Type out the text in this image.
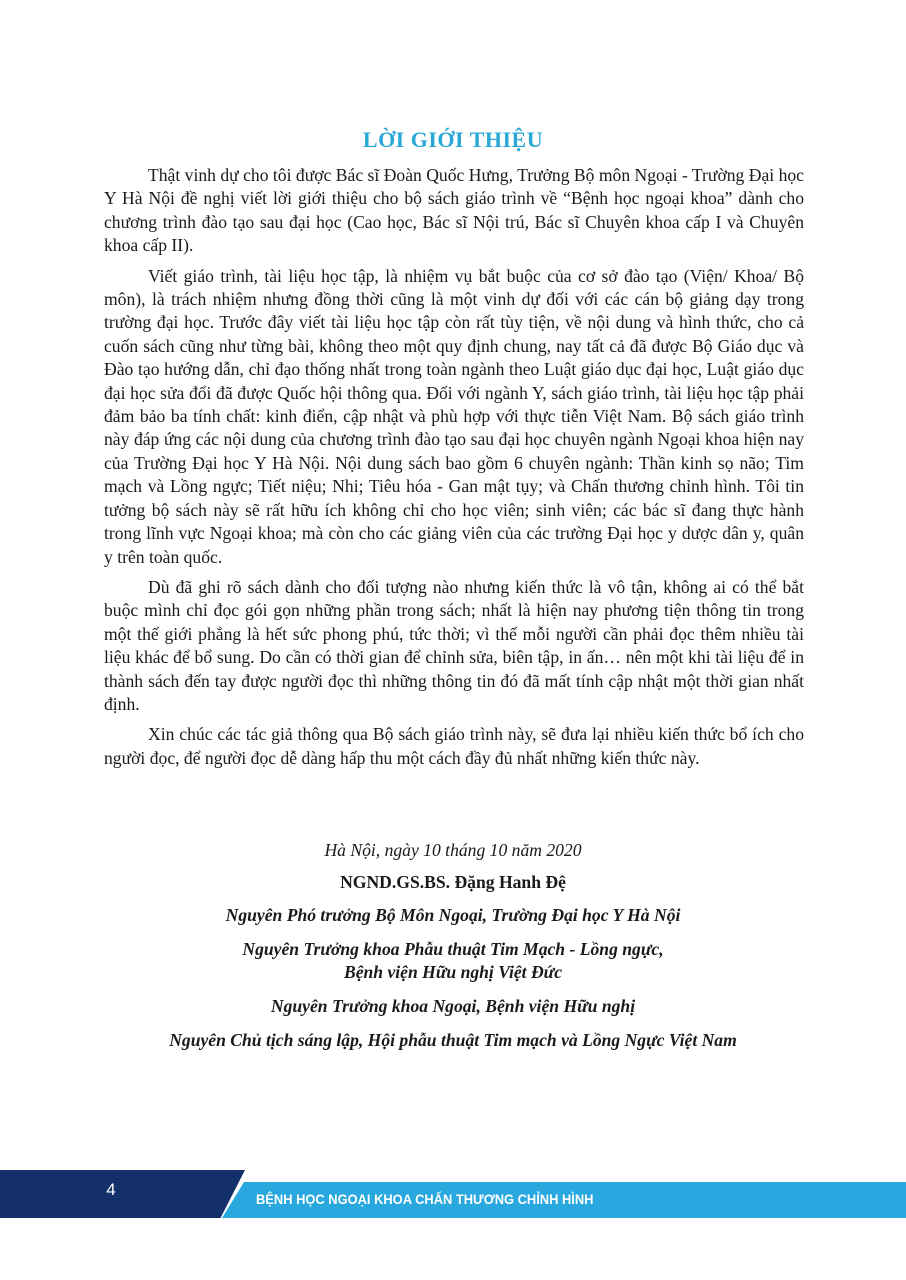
LỜI GIỚI THIỆU

Thật vinh dự cho tôi được Bác sĩ Đoàn Quốc Hưng, Trưởng Bộ môn Ngoại - Trường Đại học Y Hà Nội đề nghị viết lời giới thiệu cho bộ sách giáo trình về “Bệnh học ngoại khoa” dành cho chương trình đào tạo sau đại học (Cao học, Bác sĩ Nội trú, Bác sĩ Chuyên khoa cấp I và Chuyên khoa cấp II).

Viết giáo trình, tài liệu học tập, là nhiệm vụ bắt buộc của cơ sở đào tạo (Viện/ Khoa/ Bộ môn), là trách nhiệm nhưng đồng thời cũng là một vinh dự đối với các cán bộ giảng dạy trong trường đại học. Trước đây viết tài liệu học tập còn rất tùy tiện, về nội dung và hình thức, cho cả cuốn sách cũng như từng bài, không theo một quy định chung, nay tất cả đã được Bộ Giáo dục và Đào tạo hướng dẫn, chỉ đạo thống nhất trong toàn ngành theo Luật giáo dục đại học, Luật giáo dục đại học sửa đổi đã được Quốc hội thông qua. Đối với ngành Y, sách giáo trình, tài liệu học tập phải đảm bảo ba tính chất: kinh điển, cập nhật và phù hợp với thực tiễn Việt Nam. Bộ sách giáo trình này đáp ứng các nội dung của chương trình đào tạo sau đại học chuyên ngành Ngoại khoa hiện nay của Trường Đại học Y Hà Nội. Nội dung sách bao gồm 6 chuyên ngành: Thần kinh sọ não; Tim mạch và Lồng ngực; Tiết niệu; Nhi; Tiêu hóa - Gan mật tụy; và Chấn thương chỉnh hình. Tôi tin tưởng bộ sách này sẽ rất hữu ích không chỉ cho học viên; sinh viên; các bác sĩ đang thực hành trong lĩnh vực Ngoại khoa; mà còn cho các giảng viên của các trường Đại học y dược dân y, quân y trên toàn quốc.

Dù đã ghi rõ sách dành cho đối tượng nào nhưng kiến thức là vô tận, không ai có thể bắt buộc mình chỉ đọc gói gọn những phần trong sách; nhất là hiện nay phương tiện thông tin trong một thế giới phẳng là hết sức phong phú, tức thời; vì thế mỗi người cần phải đọc thêm nhiều tài liệu khác để bổ sung. Do cần có thời gian để chỉnh sửa, biên tập, in ấn… nên một khi tài liệu để in thành sách đến tay được người đọc thì những thông tin đó đã mất tính cập nhật một thời gian nhất định.

Xin chúc các tác giả thông qua Bộ sách giáo trình này, sẽ đưa lại nhiều kiến thức bổ ích cho người đọc, để người đọc dễ dàng hấp thu một cách đầy đủ nhất những kiến thức này.

Hà Nội, ngày 10 tháng 10 năm 2020
NGND.GS.BS. Đặng Hanh Đệ
Nguyên Phó trưởng Bộ Môn Ngoại, Trường Đại học Y Hà Nội
Nguyên Trưởng khoa Phẫu thuật Tim Mạch - Lồng ngực,
Bệnh viện Hữu nghị Việt Đức
Nguyên Trưởng khoa Ngoại, Bệnh viện Hữu nghị
Nguyên Chủ tịch sáng lập, Hội phẫu thuật Tim mạch và Lồng Ngực Việt Nam
4	BỆNH HỌC NGOẠI KHOA CHẤN THƯƠNG CHỈNH HÌNH
